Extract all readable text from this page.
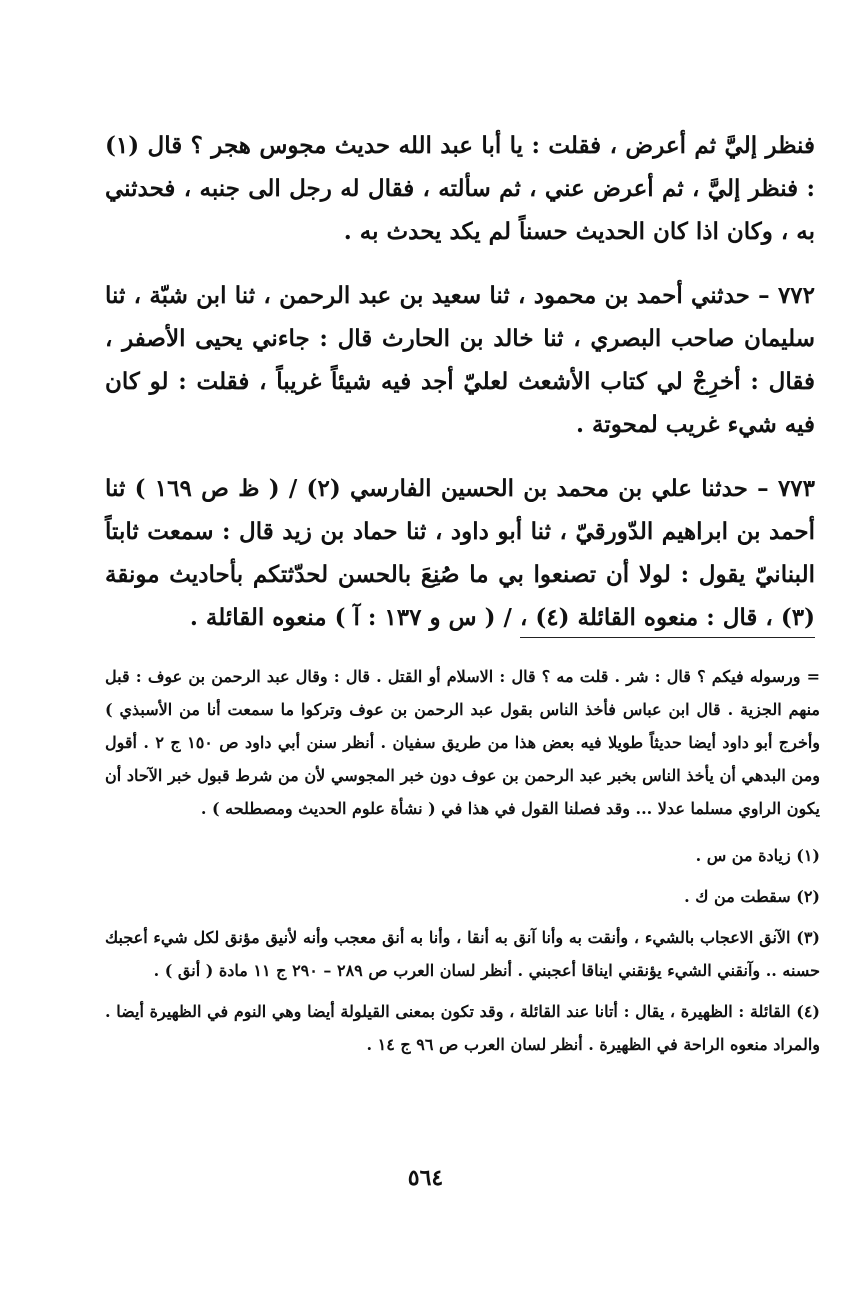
فنظر إليَّ ثم أعرض ، فقلت : يا أبا عبد الله حديث مجوس هجر ؟ قال (١) : فنظر إليَّ ، ثم أعرض عني ، ثم سألته ، فقال له رجل الى جنبه ، فحدثني به ، وكان اذا كان الحديث حسناً لم يكد يحدث به .

٧٧٢ – حدثني أحمد بن محمود ، ثنا سعيد بن عبد الرحمن ، ثنا ابن شبّة ، ثنا سليمان صاحب البصري ، ثنا خالد بن الحارث قال : جاءني يحيى الأصفر ، فقال : أخرِجْ لي كتاب الأشعث لعليّ أجد فيه شيئاً غريباً ، فقلت : لو كان فيه شيء غريب لمحوتة .

٧٧٣ – حدثنا علي بن محمد بن الحسين الفارسي (٢) / ( ظ ص ١٦٩ ) ثنا أحمد بن ابراهيم الدّورقيّ ، ثنا أبو داود ، ثنا حماد بن زيد قال : سمعت ثابتاً البنانيّ يقول : لولا أن تصنعوا بي ما صُنِعَ بالحسن لحدّثتكم بأحاديث مونقة (٣) ، قال : منعوه القائلة (٤) ، / ( س و ١٣٧ : آ ) منعوه القائلة .

= ورسوله فيكم ؟ قال : شر . قلت مه ؟ قال : الاسلام أو القتل . قال : وقال عبد الرحمن بن عوف : قبل منهم الجزية . قال ابن عباس فأخذ الناس بقول عبد الرحمن بن عوف وتركوا ما سمعت أنا من الأسبذي ) وأخرج أبو داود أيضا حديثاً طويلا فيه بعض هذا من طريق سفيان . أنظر سنن أبي داود ص ١٥٠ ج ٢ . أقول ومن البدهي أن يأخذ الناس بخبر عبد الرحمن بن عوف دون خبر المجوسي لأن من شرط قبول خبر الآحاد أن يكون الراوي مسلما عدلا ... وقد فصلنا القول في هذا في ( نشأة علوم الحديث ومصطلحه ) .

(١) زيادة من س .

(٢) سقطت من ك .

(٣) الآنق الاعجاب بالشيء ، وأنقت به وأنا آنق به أنقا ، وأنا به أنق معجب وأنه لأنيق مؤنق لكل شيء أعجبك حسنه .. وآنقني الشيء يؤنقني ايناقا أعجبني . أنظر لسان العرب ص ٢٨٩ – ٢٩٠ ج ١١ مادة ( أنق ) .

(٤) القائلة : الظهيرة ، يقال : أتانا عند القائلة ، وقد تكون بمعنى القيلولة أيضا وهي النوم في الظهيرة أيضا . والمراد منعوه الراحة في الظهيرة . أنظر لسان العرب ص ٩٦ ج ١٤ .

٥٦٤
